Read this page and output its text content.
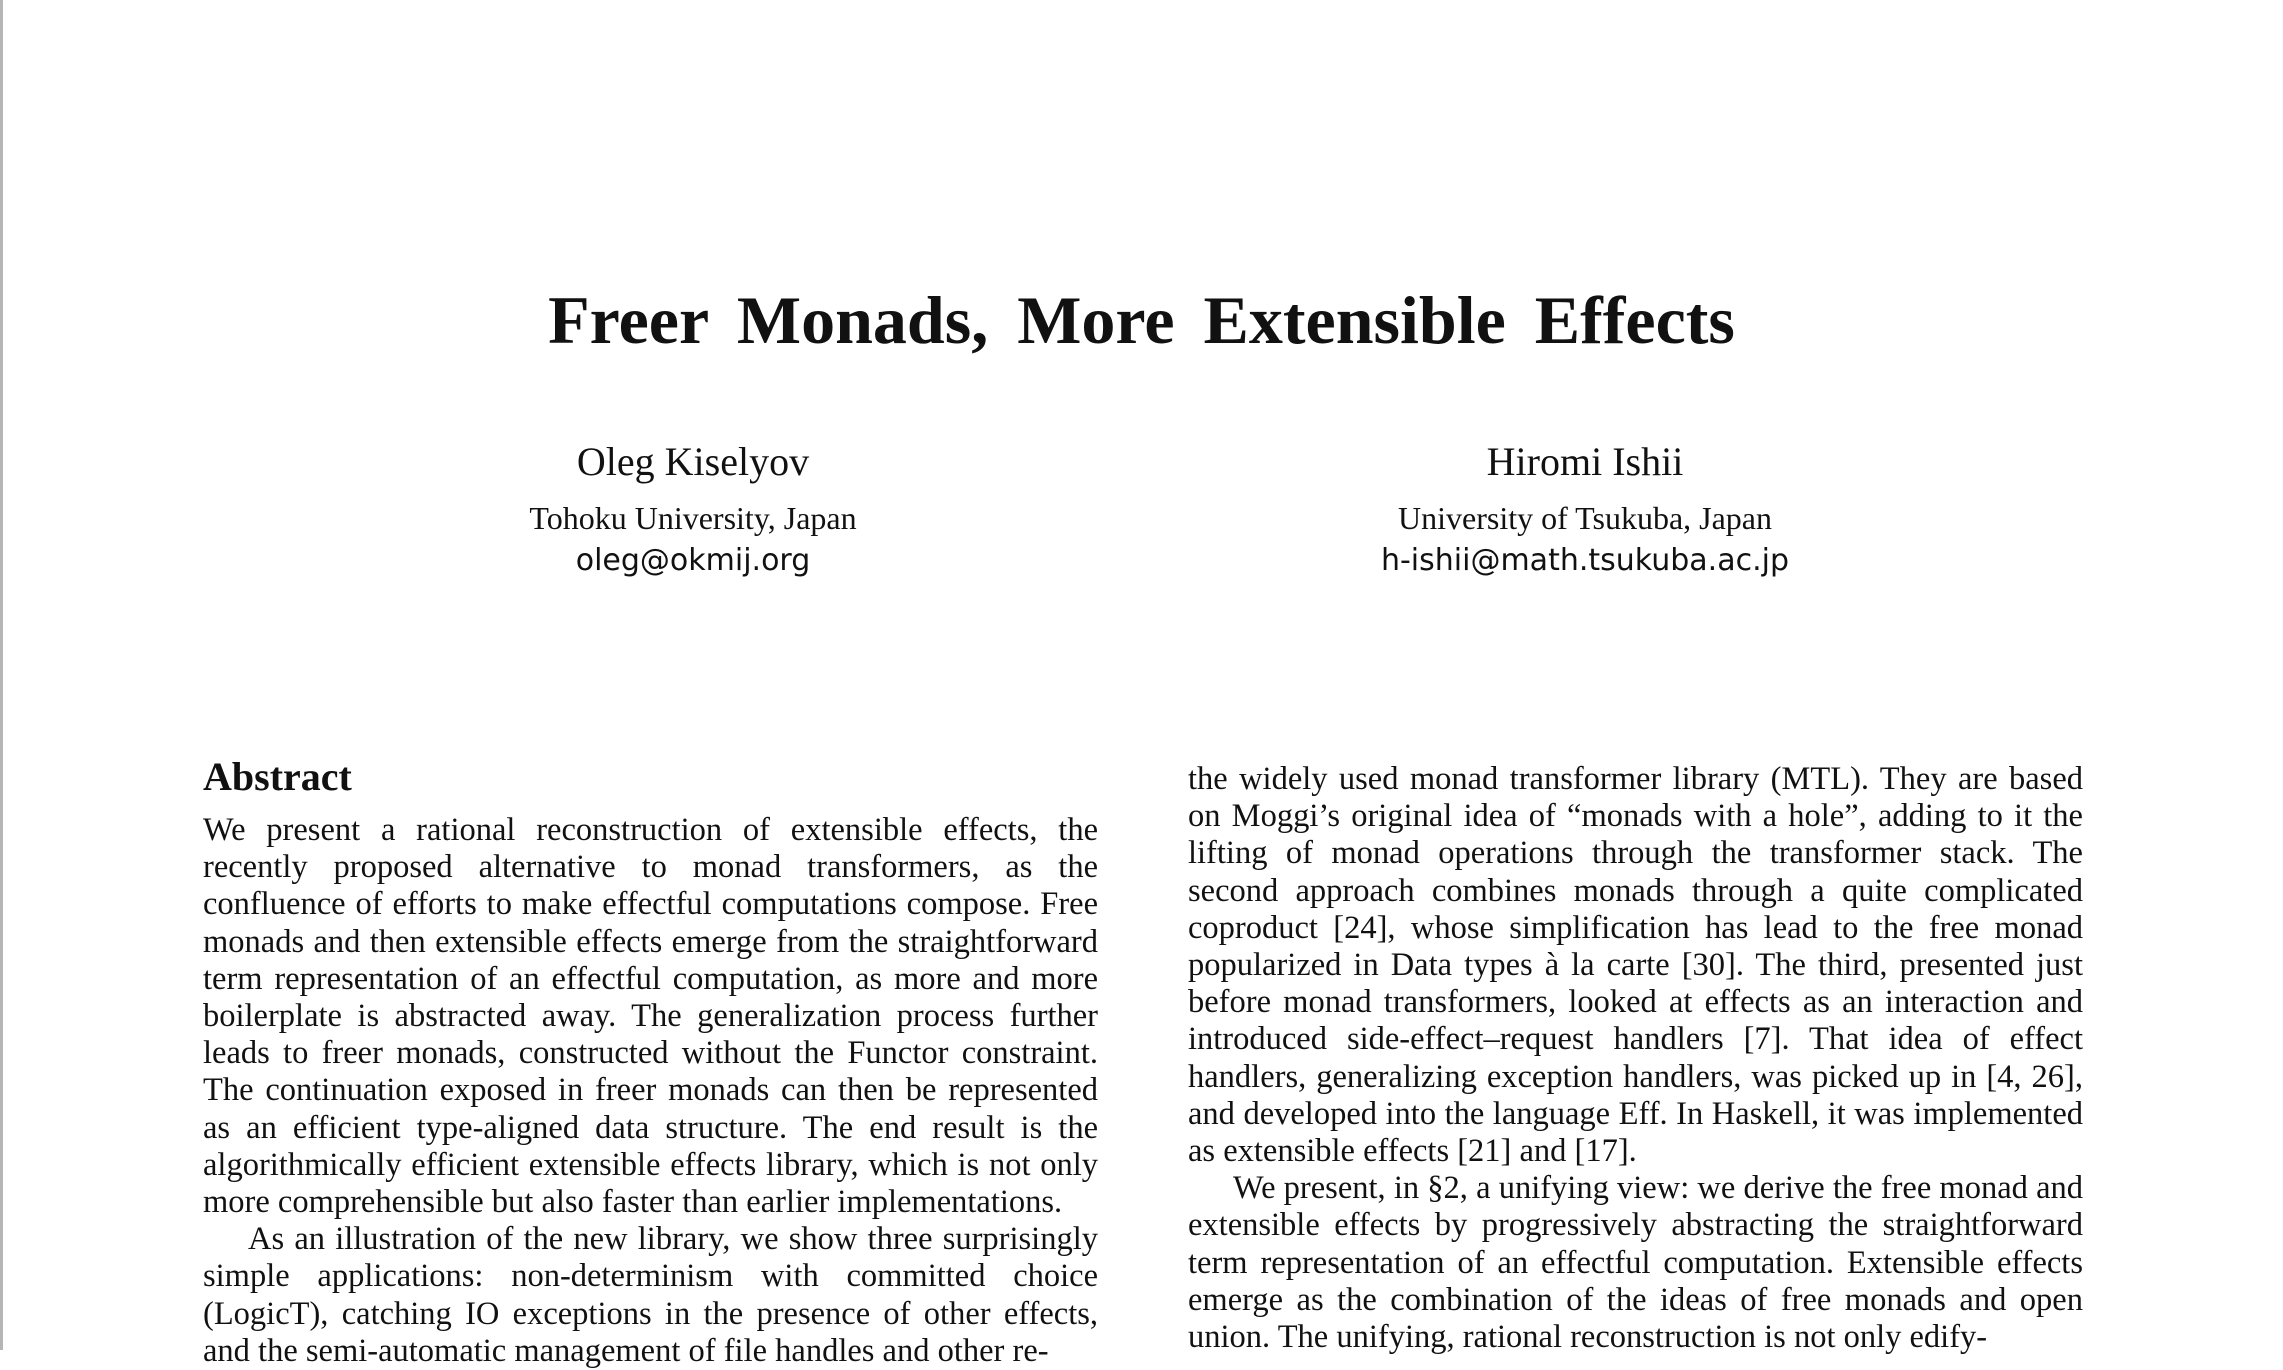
Freer Monads, More Extensible Effects
Oleg Kiselyov
Tohoku University, Japan
oleg@okmij.org
Hiromi Ishii
University of Tsukuba, Japan
h-ishii@math.tsukuba.ac.jp
Abstract

We present a rational reconstruction of extensible effects, the recently proposed alternative to monad transformers, as the confluence of efforts to make effectful computations compose. Free monads and then extensible effects emerge from the straightforward term representation of an effectful computation, as more and more boilerplate is abstracted away. The generalization process further leads to freer monads, constructed without the Functor constraint. The continuation exposed in freer monads can then be represented as an efficient type-aligned data structure. The end result is the algorithmically efficient extensible effects library, which is not only more comprehensible but also faster than earlier implementations.

As an illustration of the new library, we show three surprisingly simple applications: non-determinism with committed choice (LogicT), catching IO exceptions in the presence of other effects, and the semi-automatic management of file handles and other re-

the widely used monad transformer library (MTL). They are based on Moggi’s original idea of “monads with a hole”, adding to it the lifting of monad operations through the transformer stack. The second approach combines monads through a quite complicated coproduct [24], whose simplification has lead to the free monad popularized in Data types à la carte [30]. The third, presented just before monad transformers, looked at effects as an interaction and introduced side-effect–request handlers [7]. That idea of effect handlers, generalizing exception handlers, was picked up in [4, 26], and developed into the language Eff. In Haskell, it was implemented as extensible effects [21] and [17].

We present, in §2, a unifying view: we derive the free monad and extensible effects by progressively abstracting the straightforward term representation of an effectful computation. Extensible effects emerge as the combination of the ideas of free monads and open union. The unifying, rational reconstruction is not only edify-
